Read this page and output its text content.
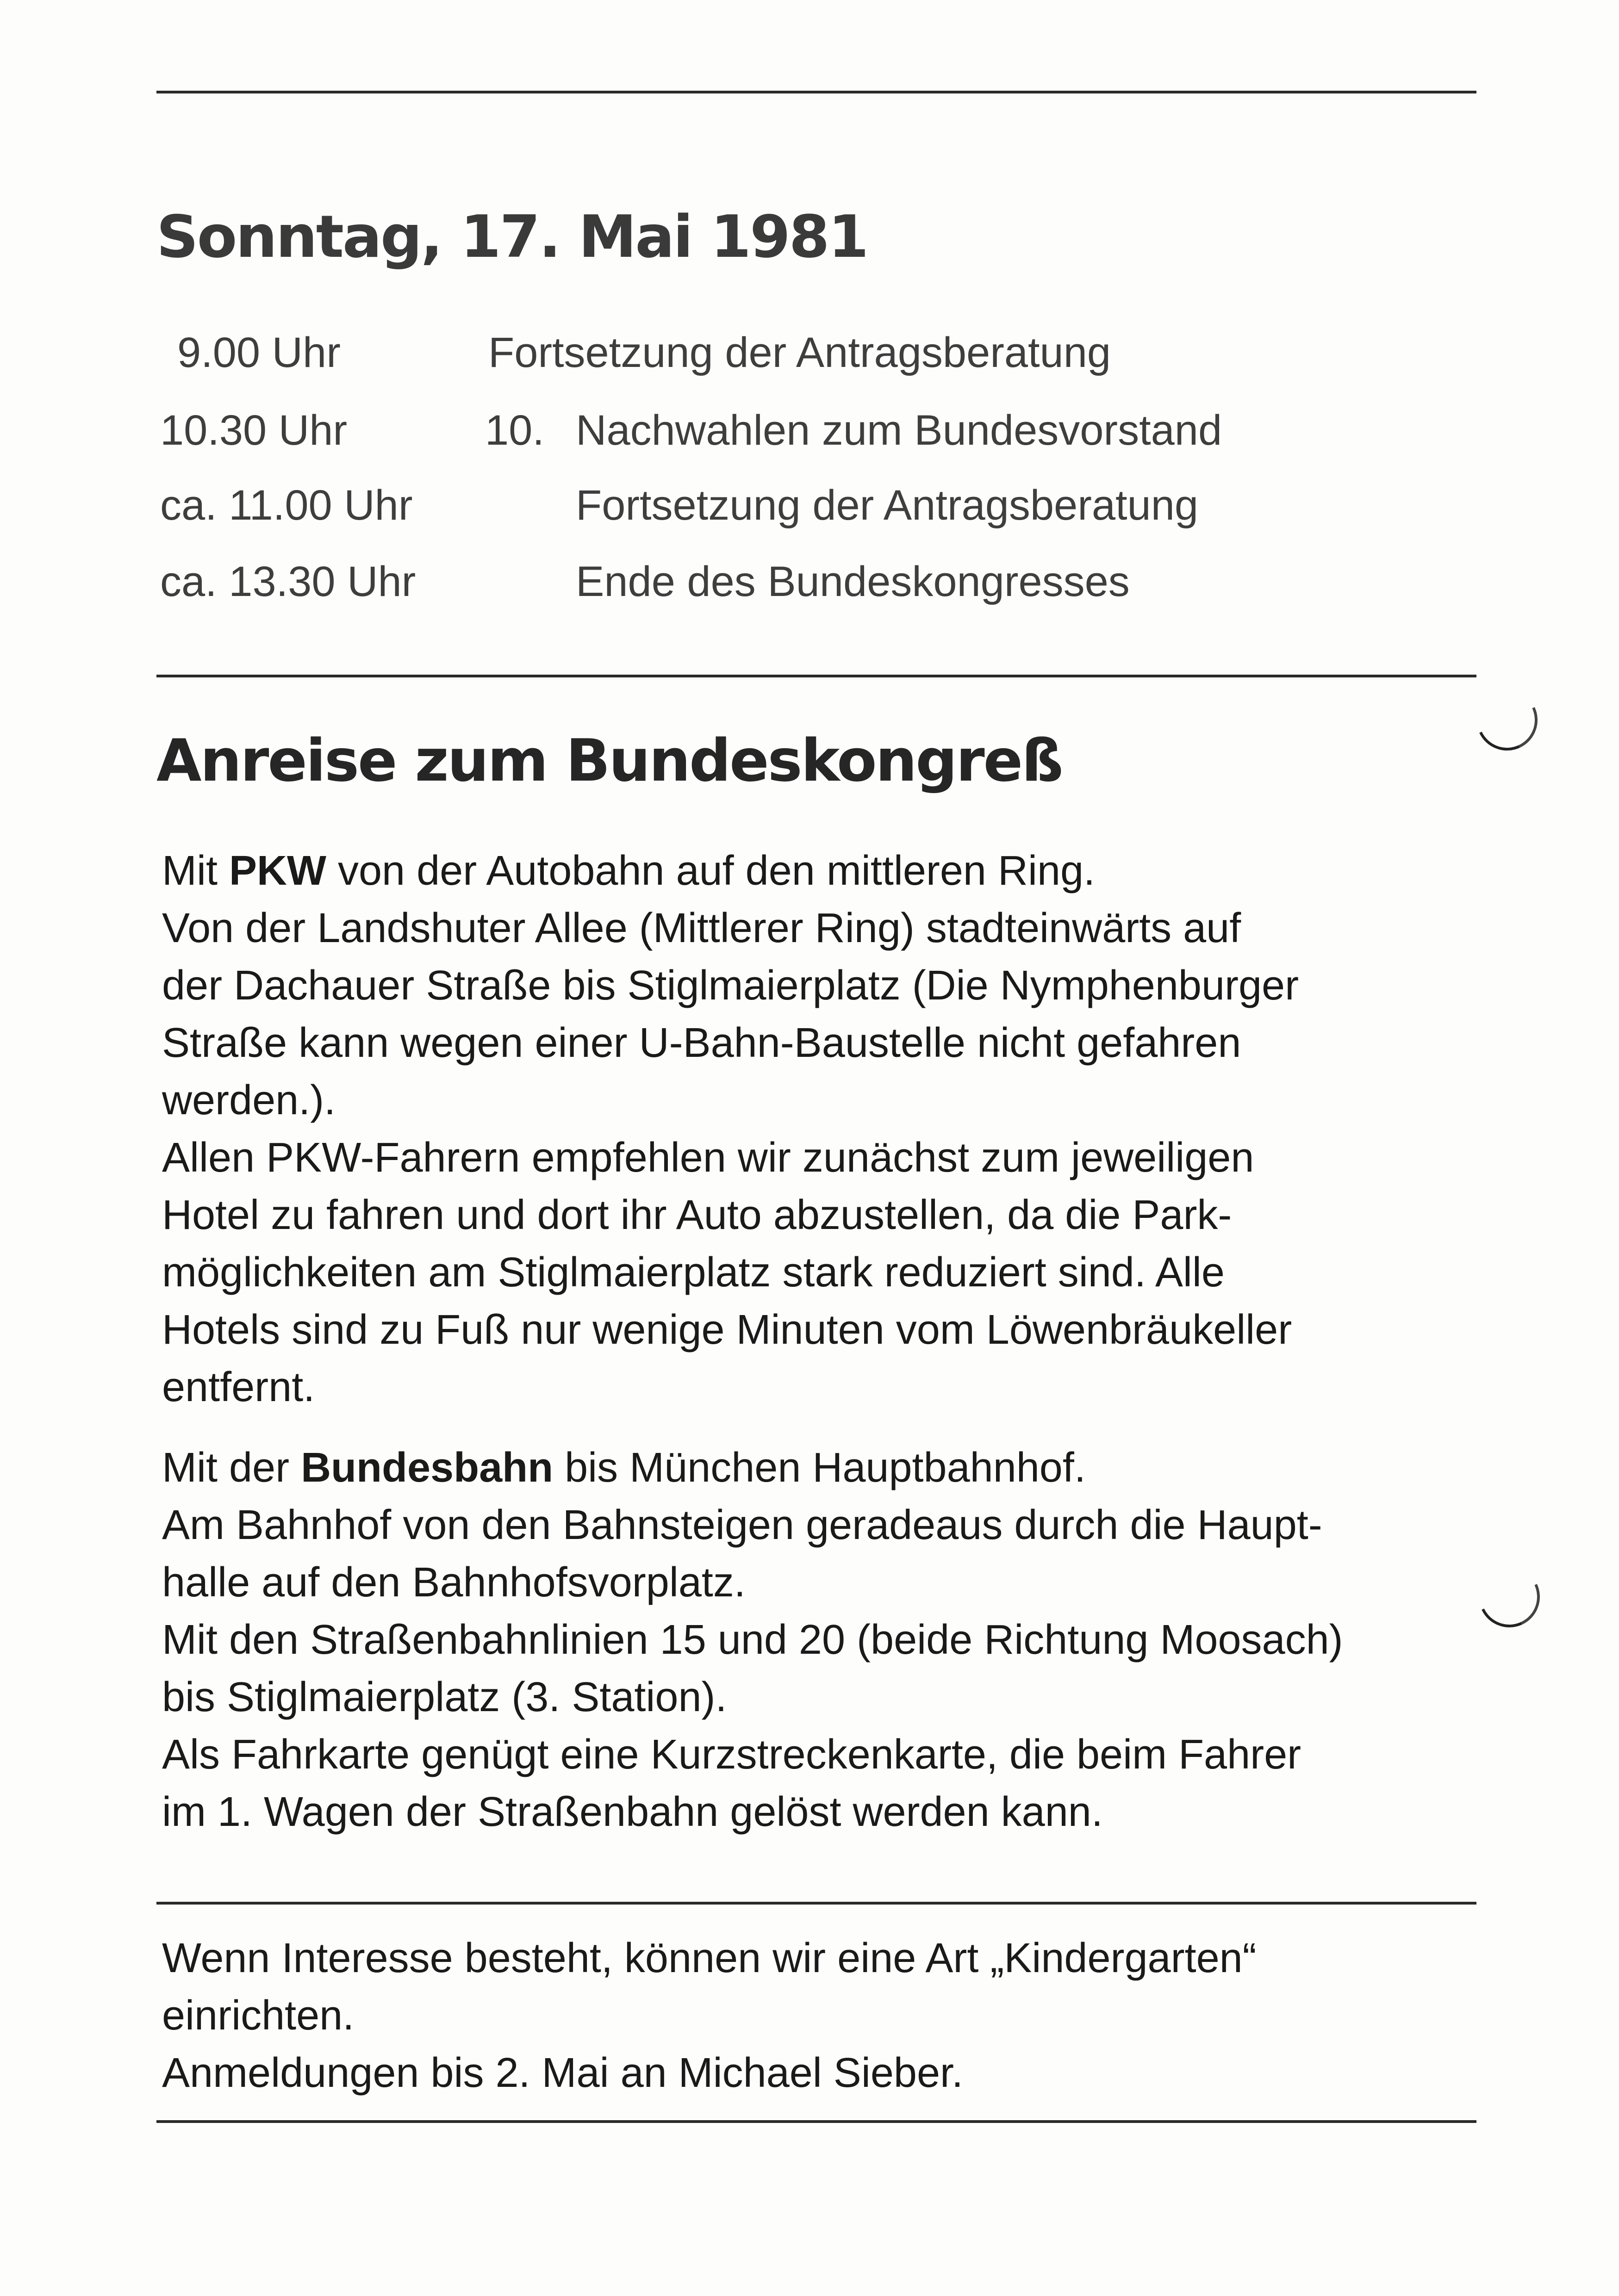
Sonntag, 17. Mai 1981
9.00 Uhr	Fortsetzung der Antragsberatung
10.30 Uhr	10. Nachwahlen zum Bundesvorstand
ca. 11.00 Uhr	Fortsetzung der Antragsberatung
ca. 13.30 Uhr	Ende des Bundeskongresses
Anreise zum Bundeskongreß

Mit PKW von der Autobahn auf den mittleren Ring.
Von der Landshuter Allee (Mittlerer Ring) stadteinwärts auf
der Dachauer Straße bis Stiglmaierplatz (Die Nymphenburger
Straße kann wegen einer U-Bahn-Baustelle nicht gefahren
werden.).
Allen PKW-Fahrern empfehlen wir zunächst zum jeweiligen
Hotel zu fahren und dort ihr Auto abzustellen, da die Park-
möglichkeiten am Stiglmaierplatz stark reduziert sind. Alle
Hotels sind zu Fuß nur wenige Minuten vom Löwenbräukeller
entfernt.

Mit der Bundesbahn bis München Hauptbahnhof.
Am Bahnhof von den Bahnsteigen geradeaus durch die Haupt-
halle auf den Bahnhofsvorplatz.
Mit den Straßenbahnlinien 15 und 20 (beide Richtung Moosach)
bis Stiglmaierplatz (3. Station).
Als Fahrkarte genügt eine Kurzstreckenkarte, die beim Fahrer
im 1. Wagen der Straßenbahn gelöst werden kann.

Wenn Interesse besteht, können wir eine Art „Kindergarten“
einrichten.
Anmeldungen bis 2. Mai an Michael Sieber.
